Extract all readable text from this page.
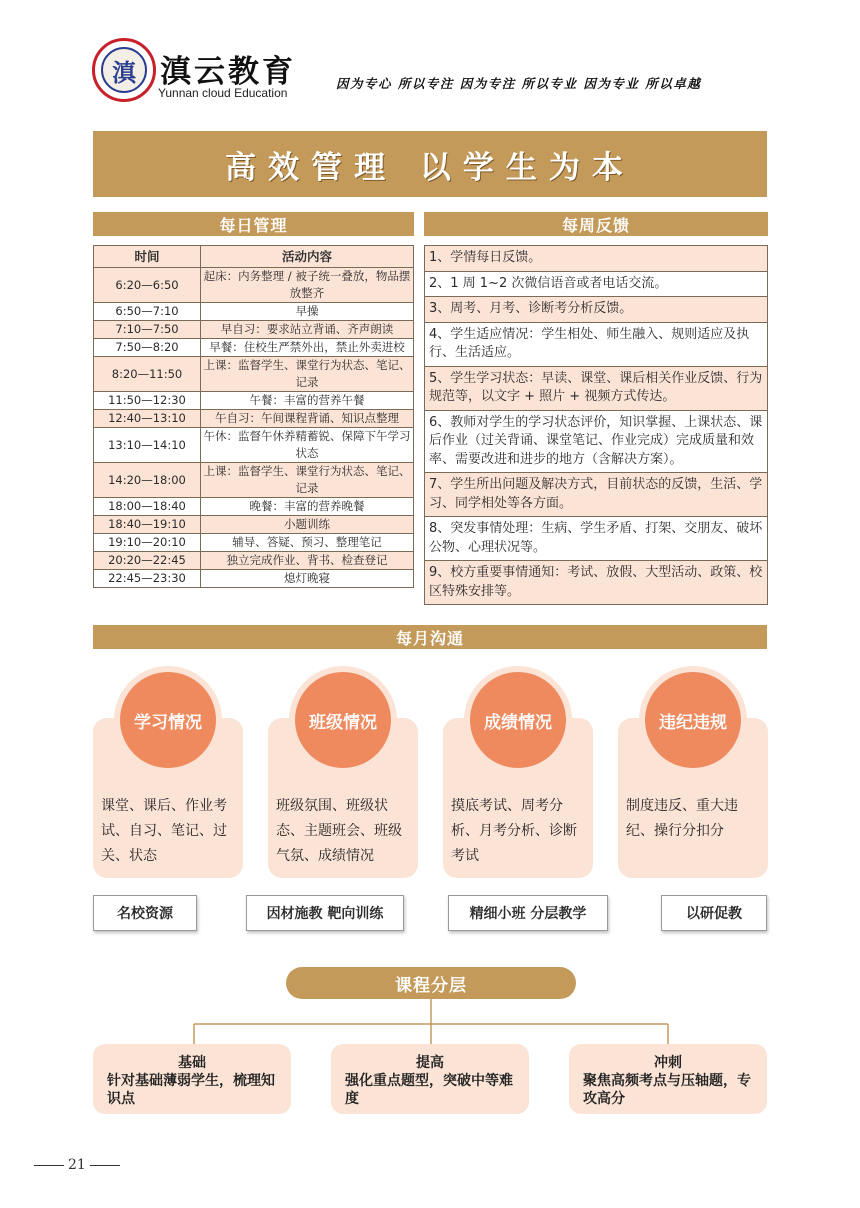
滇 滇云教育
Yunnan cloud Education
因为专心 所以专注 因为专注 所以专业 因为专业 所以卓越
高效管理 以学生为本
每日管理
时间	活动内容
6:20—6:50	起床：内务整理 / 被子统一叠放，物品摆放整齐
6:50—7:10	早操
7:10—7:50	早自习：要求站立背诵、齐声朗读
7:50—8:20	早餐：住校生严禁外出，禁止外卖进校
8:20—11:50	上课：监督学生、课堂行为状态、笔记、记录
11:50—12:30	午餐：丰富的营养午餐
12:40—13:10	午自习：午间课程背诵、知识点整理
13:10—14:10	午休：监督午休养精蓄锐、保障下午学习状态
14:20—18:00	上课：监督学生、课堂行为状态、笔记、记录
18:00—18:40	晚餐：丰富的营养晚餐
18:40—19:10	小题训练
19:10—20:10	辅导、答疑、预习、整理笔记
20:20—22:45	独立完成作业、背书、检查登记
22:45—23:30	熄灯晚寝
每周反馈
1、学情每日反馈。
2、1 周 1~2 次微信语音或者电话交流。
3、周考、月考、诊断考分析反馈。
4、学生适应情况：学生相处、师生融入、规则适应及执行、生活适应。
5、学生学习状态：早读、课堂、课后相关作业反馈、行为规范等，以文字 + 照片 + 视频方式传达。
6、教师对学生的学习状态评价，知识掌握、上课状态、课后作业（过关背诵、课堂笔记、作业完成）完成质量和效率、需要改进和进步的地方（含解决方案）。
7、学生所出问题及解决方式，目前状态的反馈，生活、学习、同学相处等各方面。
8、突发事情处理：生病、学生矛盾、打架、交朋友、破坏公物、心理状况等。
9、校方重要事情通知：考试、放假、大型活动、政策、校区特殊安排等。
每月沟通
学习情况
课堂、课后、作业考试、自习、笔记、过关、状态
班级情况
班级氛围、班级状态、主题班会、班级气氛、成绩情况
成绩情况
摸底考试、周考分析、月考分析、诊断考试
违纪违规
制度违反、重大违纪、操行分扣分
名校资源	因材施教 靶向训练	精细小班 分层教学	以研促教
课程分层
基础
针对基础薄弱学生，梳理知识点
提高
强化重点题型，突破中等难度
冲刺
聚焦高频考点与压轴题，专攻高分
21
